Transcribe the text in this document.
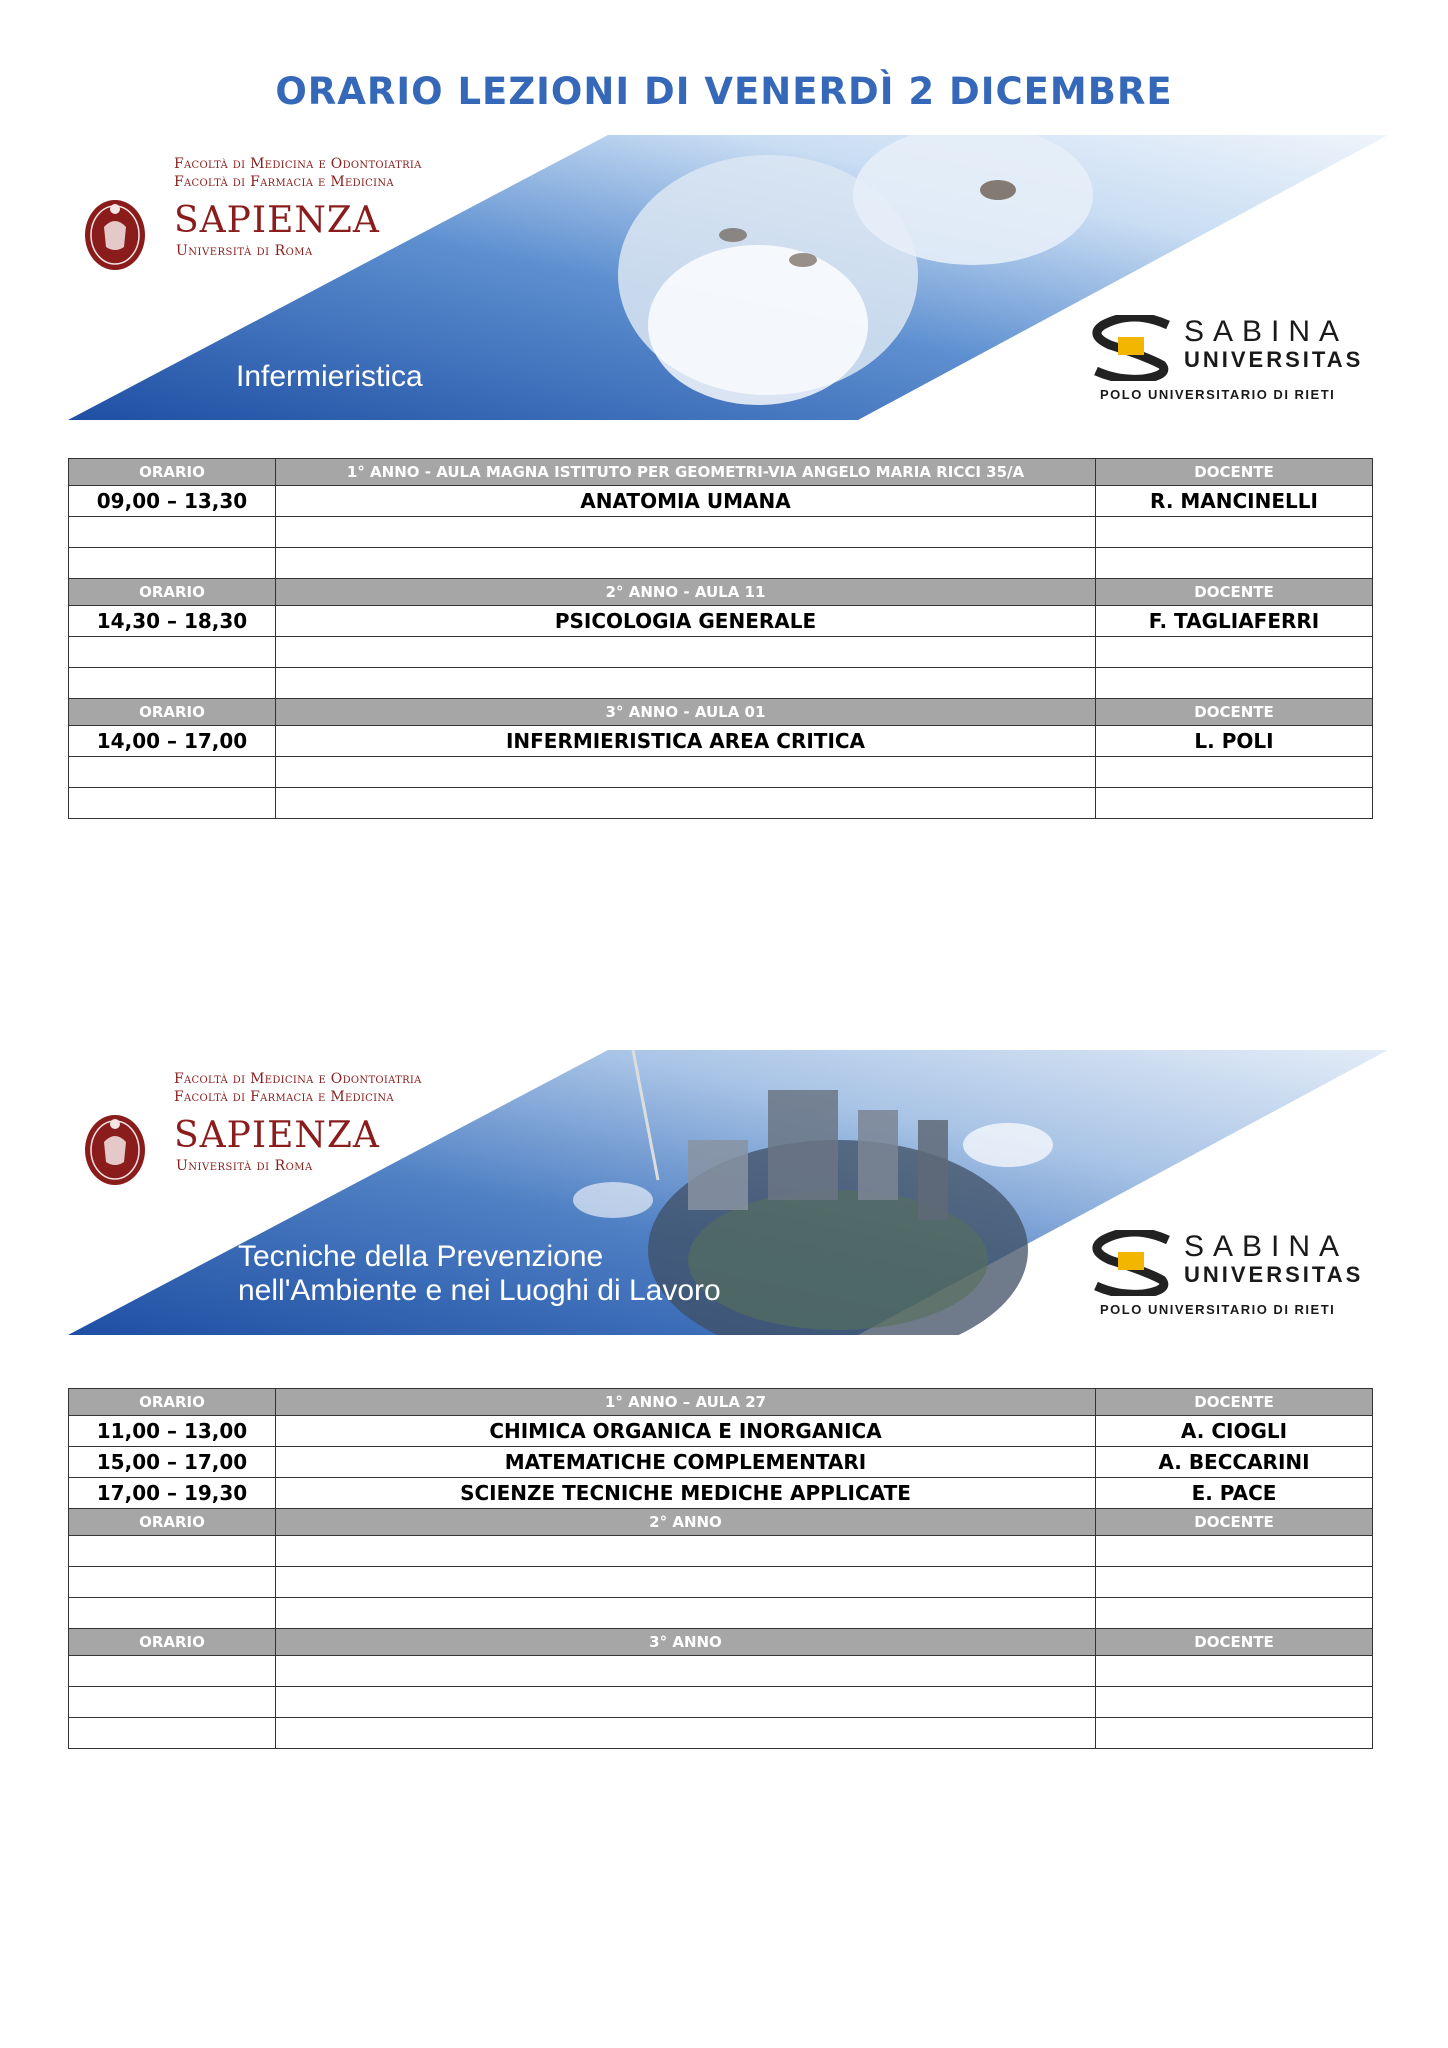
ORARIO LEZIONI DI VENERDÌ 2 DICEMBRE
Facoltà di Medicina e Odontoiatria
Facoltà di Farmacia e Medicina
SAPIENZA
Università di Roma
Infermieristica
SABINA
UNIVERSITAS
POLO UNIVERSITARIO DI RIETI
ORARIO	1° ANNO - AULA MAGNA ISTITUTO PER GEOMETRI-VIA ANGELO MARIA RICCI 35/A	DOCENTE
09,00 – 13,30	ANATOMIA UMANA	R. MANCINELLI

ORARIO	2° ANNO - AULA 11	DOCENTE
14,30 – 18,30	PSICOLOGIA GENERALE	F. TAGLIAFERRI

ORARIO	3° ANNO - AULA 01	DOCENTE
14,00 – 17,00	INFERMIERISTICA AREA CRITICA	L. POLI

Facoltà di Medicina e Odontoiatria
Facoltà di Farmacia e Medicina
SAPIENZA
Università di Roma
Tecniche della Prevenzione
nell'Ambiente e nei Luoghi di Lavoro
SABINA
UNIVERSITAS
POLO UNIVERSITARIO DI RIETI
ORARIO	1° ANNO – AULA 27	DOCENTE
11,00 – 13,00	CHIMICA ORGANICA E INORGANICA	A. CIOGLI
15,00 – 17,00	MATEMATICHE COMPLEMENTARI	A. BECCARINI
17,00 – 19,30	SCIENZE TECNICHE MEDICHE APPLICATE	E. PACE
ORARIO	2° ANNO	DOCENTE

ORARIO	3° ANNO	DOCENTE
